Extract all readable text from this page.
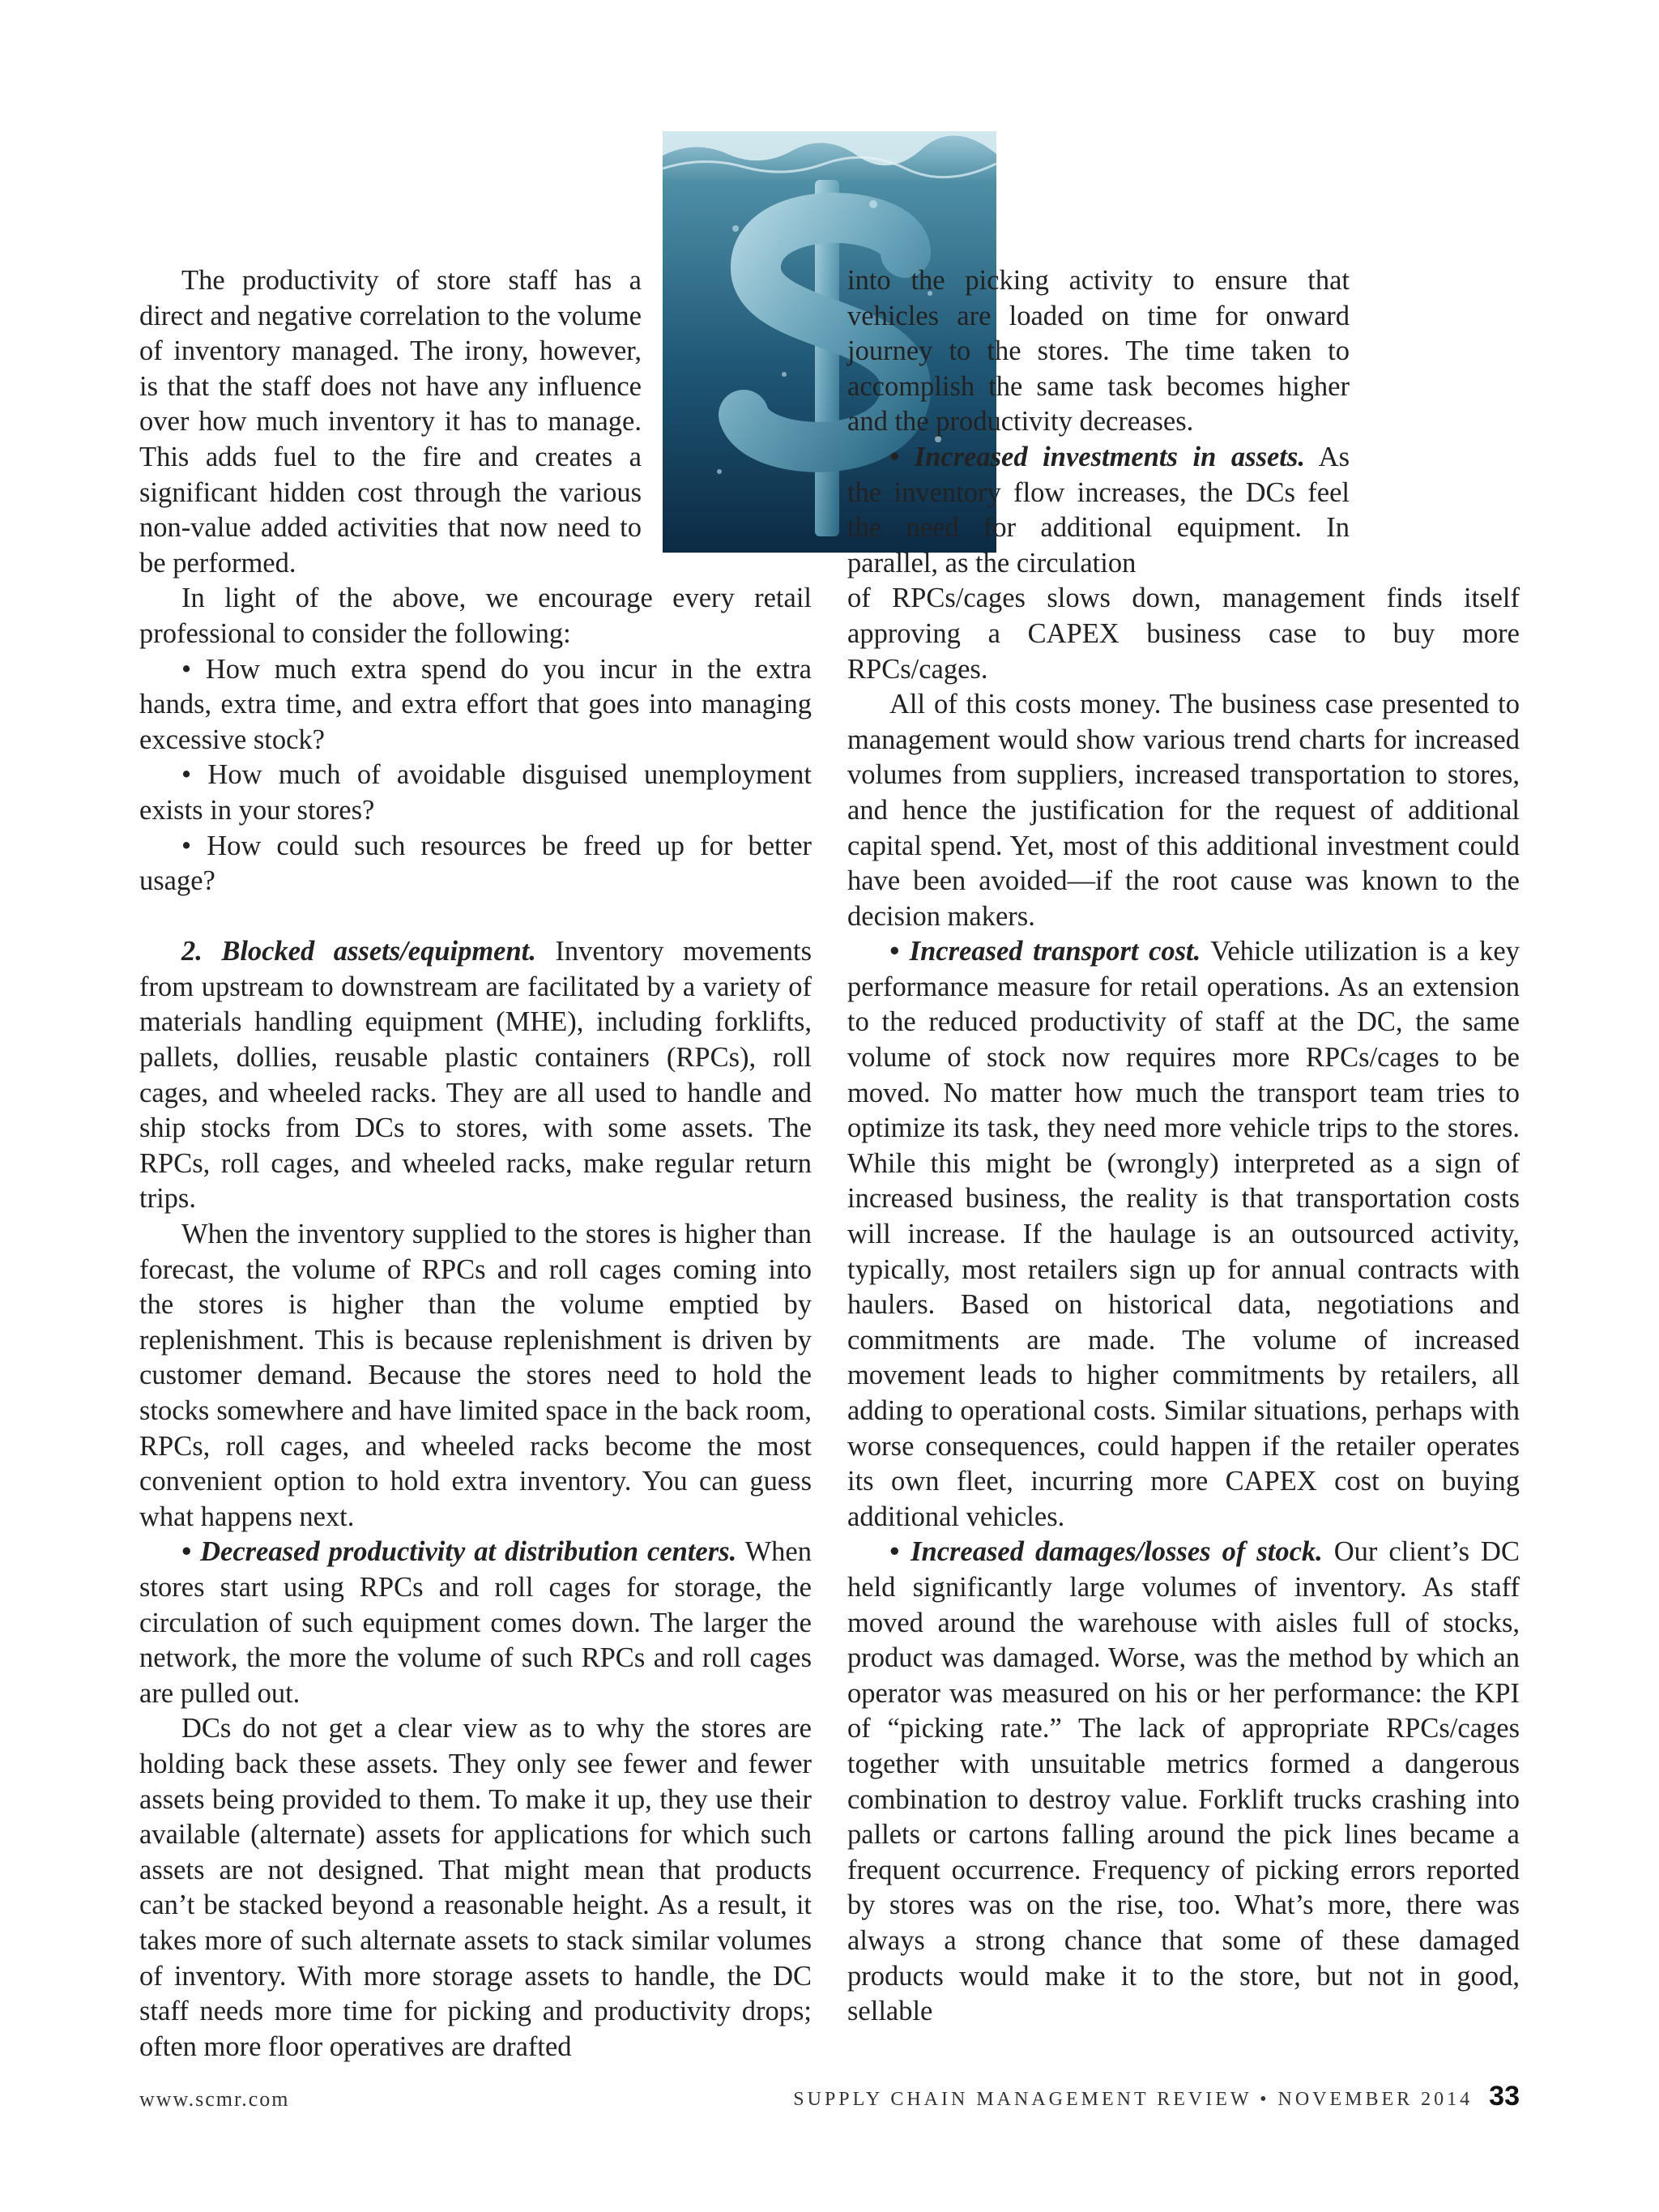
The productivity of store staff has a direct and negative correlation to the volume of inventory managed. The irony, however, is that the staff does not have any influence over how much inventory it has to manage. This adds fuel to the fire and creates a significant hidden cost through the various non-value added activities that now need to be performed.

In light of the above, we encourage every retail professional to consider the following:

• How much extra spend do you incur in the extra hands, extra time, and extra effort that goes into managing excessive stock?

• How much of avoidable disguised unemployment exists in your stores?

• How could such resources be freed up for better usage?

2. Blocked assets/equipment. Inventory movements from upstream to downstream are facilitated by a variety of materials handling equipment (MHE), including forklifts, pallets, dollies, reusable plastic containers (RPCs), roll cages, and wheeled racks. They are all used to handle and ship stocks from DCs to stores, with some assets. The RPCs, roll cages, and wheeled racks, make regular return trips.

When the inventory supplied to the stores is higher than forecast, the volume of RPCs and roll cages coming into the stores is higher than the volume emptied by replenishment. This is because replenishment is driven by customer demand. Because the stores need to hold the stocks somewhere and have limited space in the back room, RPCs, roll cages, and wheeled racks become the most convenient option to hold extra inventory. You can guess what happens next.

• Decreased productivity at distribution centers. When stores start using RPCs and roll cages for storage, the circulation of such equipment comes down. The larger the network, the more the volume of such RPCs and roll cages are pulled out.

DCs do not get a clear view as to why the stores are holding back these assets. They only see fewer and fewer assets being provided to them. To make it up, they use their available (alternate) assets for applications for which such assets are not designed. That might mean that products can’t be stacked beyond a reasonable height. As a result, it takes more of such alternate assets to stack similar volumes of inventory. With more storage assets to handle, the DC staff needs more time for picking and productivity drops; often more floor operatives are drafted

into the picking activity to ensure that vehicles are loaded on time for onward journey to the stores. The time taken to accomplish the same task becomes higher and the productivity decreases.

• Increased investments in assets. As the inventory flow increases, the DCs feel the need for additional equipment. In parallel, as the circulation

of RPCs/cages slows down, management finds itself approving a CAPEX business case to buy more RPCs/cages.

All of this costs money. The business case presented to management would show various trend charts for increased volumes from suppliers, increased transportation to stores, and hence the justification for the request of additional capital spend. Yet, most of this additional investment could have been avoided—if the root cause was known to the decision makers.

• Increased transport cost. Vehicle utilization is a key performance measure for retail operations. As an extension to the reduced productivity of staff at the DC, the same volume of stock now requires more RPCs/cages to be moved. No matter how much the transport team tries to optimize its task, they need more vehicle trips to the stores. While this might be (wrongly) interpreted as a sign of increased business, the reality is that transportation costs will increase. If the haulage is an outsourced activity, typically, most retailers sign up for annual contracts with haulers. Based on historical data, negotiations and commitments are made. The volume of increased movement leads to higher commitments by retailers, all adding to operational costs. Similar situations, perhaps with worse consequences, could happen if the retailer operates its own fleet, incurring more CAPEX cost on buying additional vehicles.

• Increased damages/losses of stock. Our client’s DC held significantly large volumes of inventory. As staff moved around the warehouse with aisles full of stocks, product was damaged. Worse, was the method by which an operator was measured on his or her performance: the KPI of “picking rate.” The lack of appropriate RPCs/cages together with unsuitable metrics formed a dangerous combination to destroy value. Forklift trucks crashing into pallets or cartons falling around the pick lines became a frequent occurrence. Frequency of picking errors reported by stores was on the rise, too. What’s more, there was always a strong chance that some of these damaged products would make it to the store, but not in good, sellable

www.scmr.com	SUPPLY CHAIN MANAGEMENT REVIEW • NOVEMBER 2014 33
